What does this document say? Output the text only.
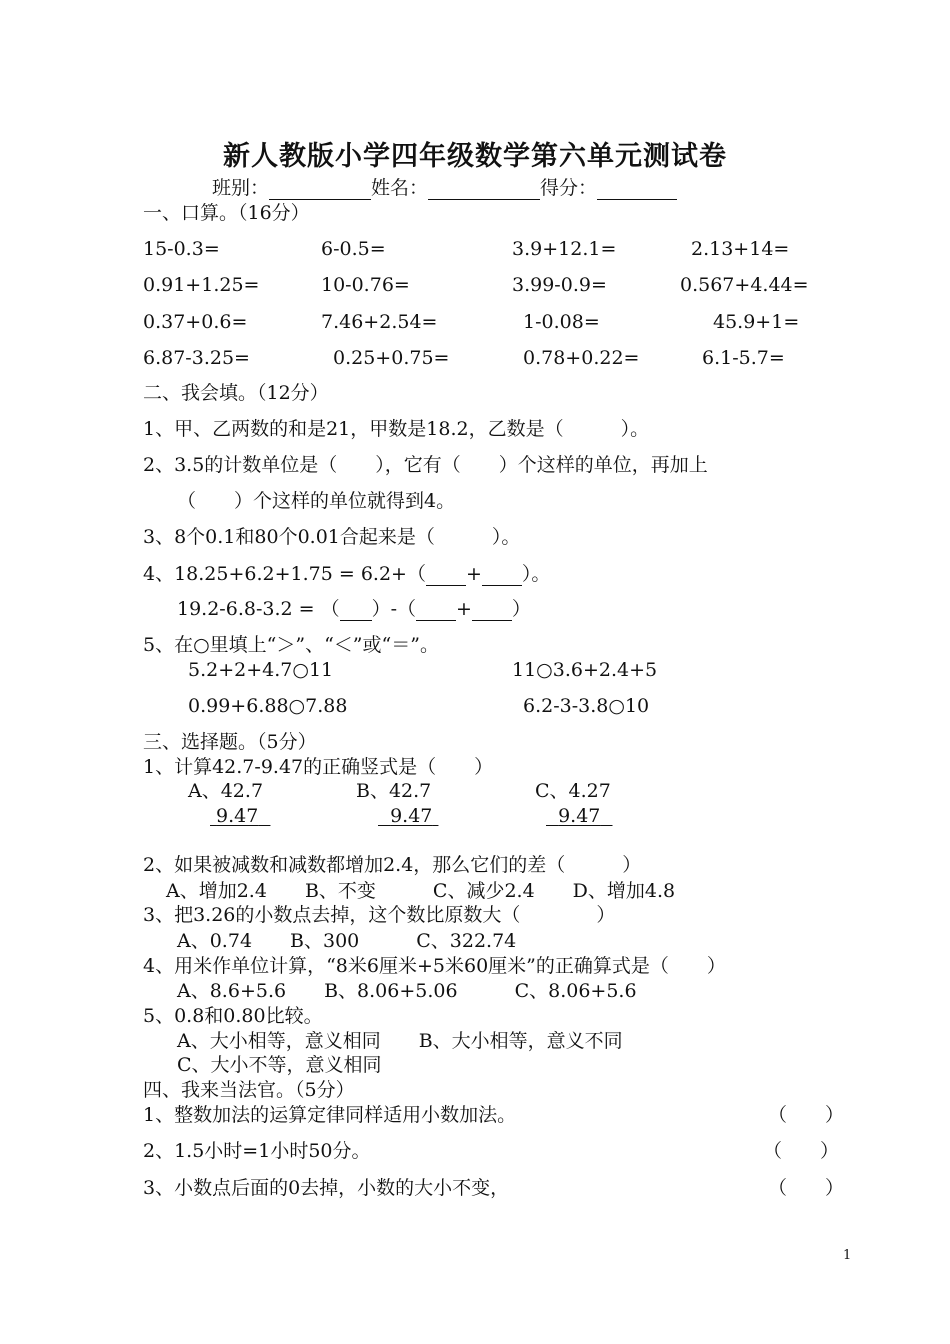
新人教版小学四年级数学第六单元测试卷
班别：	姓名：	得分：
一、口算。（16分）
15-0.3=	6-0.5=	3.9+12.1=	2.13+14=
0.91+1.25=	10-0.76=	3.99-0.9=	0.567+4.44=
0.37+0.6=	7.46+2.54=	1-0.08=	45.9+1=
6.87-3.25=	0.25+0.75=	0.78+0.22=	6.1-5.7=
二、我会填。（12分）
1、甲、乙两数的和是21，甲数是18.2，乙数是（　　　）。
2、3.5的计数单位是（　　），它有（　　）个这样的单位，再加上
（　　）个这样的单位就得到4。
3、8个0.1和80个0.01合起来是（　　　）。
4、18.25+6.2+1.75 = 6.2+（ + ）。
19.2-6.8-3.2 = （ ）-（ + ）
5、在○里填上“＞”、“＜”或“＝”。
5.2+2+4.7○11	11○3.6+2.4+5
0.99+6.88○7.88	6.2-3-3.8○10
三、选择题。（5分）
1、计算42.7-9.47的正确竖式是（　　）
A、42.7	B、42.7	C、4.27
9.47	9.47	9.47
2、如果被减数和减数都增加2.4，那么它们的差（　　　）
A、增加2.4　　B、不变　　　C、减少2.4　　D、增加4.8
3、把3.26的小数点去掉，这个数比原数大（　　　　）
A、0.74　　B、300　　　C、322.74
4、用米作单位计算，“8米6厘米+5米60厘米”的正确算式是（　　）
A、8.6+5.6　　B、8.06+5.06　　　C、8.06+5.6
5、0.8和0.80比较。
A、大小相等，意义相同　　B、大小相等，意义不同
C、大小不等，意义相同
四、我来当法官。（5分）
1、整数加法的运算定律同样适用小数加法。	（　　）
2、1.5小时=1小时50分。	（　　）
3、小数点后面的0去掉，小数的大小不变，	（　　）
1
